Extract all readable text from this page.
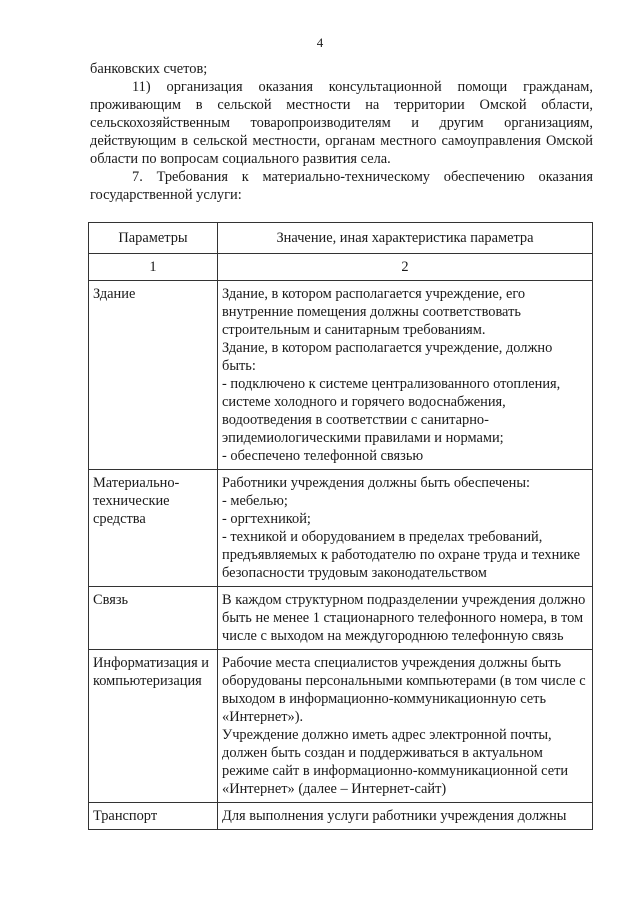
4

банковских счетов;

11) организация оказания консультационной помощи гражданам, проживающим в сельской местности на территории Омской области, сельскохозяйственным товаропроизводителям и другим организациям, действующим в сельской местности, органам местного самоуправления Омской области по вопросам социального развития села.

7. Требования к материально-техническому обеспечению оказания государственной услуги:

Параметры	Значение, иная характеристика параметра
1	2
Здание	Здание, в котором располагается учреждение, его внутренние помещения должны соответствовать строительным и санитарным требованиям.
Здание, в котором располагается учреждение, должно быть:
- подключено к системе централизованного отопления, системе холодного и горячего водоснабжения, водоотведения в соответствии с санитарно-эпидемиологическими правилами и нормами;
- обеспечено телефонной связью

Материально-технические средства	Работники учреждения должны быть обеспечены:
- мебелью;
- оргтехникой;
- техникой и оборудованием в пределах требований, предъявляемых к работодателю по охране труда и технике безопасности трудовым законодательством

Связь	В каждом структурном подразделении учреждения должно быть не менее 1 стационарного телефонного номера, в том числе с выходом на междугороднюю телефонную связь

Информатизация и компьютеризация	Рабочие места специалистов учреждения должны быть оборудованы персональными компьютерами (в том числе с выходом в информационно-коммуникационную сеть «Интернет»).
Учреждение должно иметь адрес электронной почты, должен быть создан и поддерживаться в актуальном режиме сайт в информационно-коммуникационной сети «Интернет» (далее – Интернет-сайт)

Транспорт	Для выполнения услуги работники учреждения должны
